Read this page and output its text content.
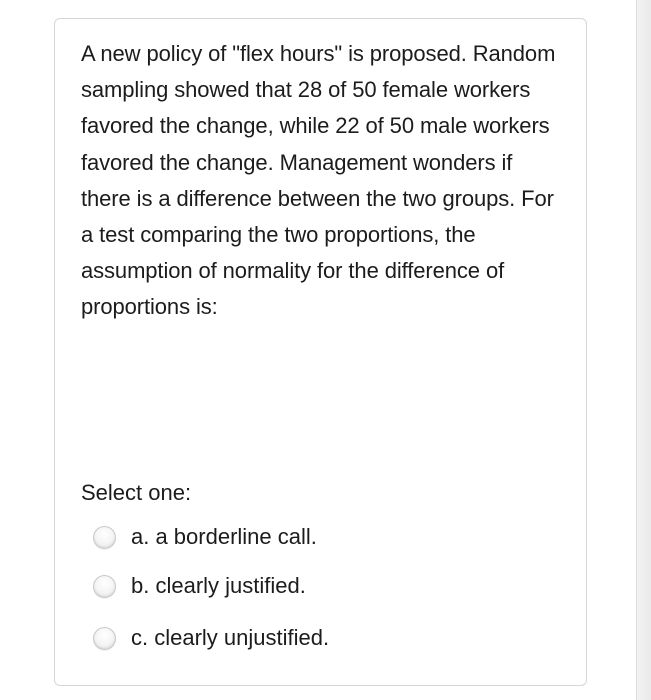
A new policy of "flex hours" is proposed. Random sampling showed that 28 of 50 female workers favored the change, while 22 of 50 male workers favored the change. Management wonders if there is a difference between the two groups. For a test comparing the two proportions, the assumption of normality for the difference of proportions is:

Select one:

a. a borderline call.
b. clearly justified.
c. clearly unjustified.
